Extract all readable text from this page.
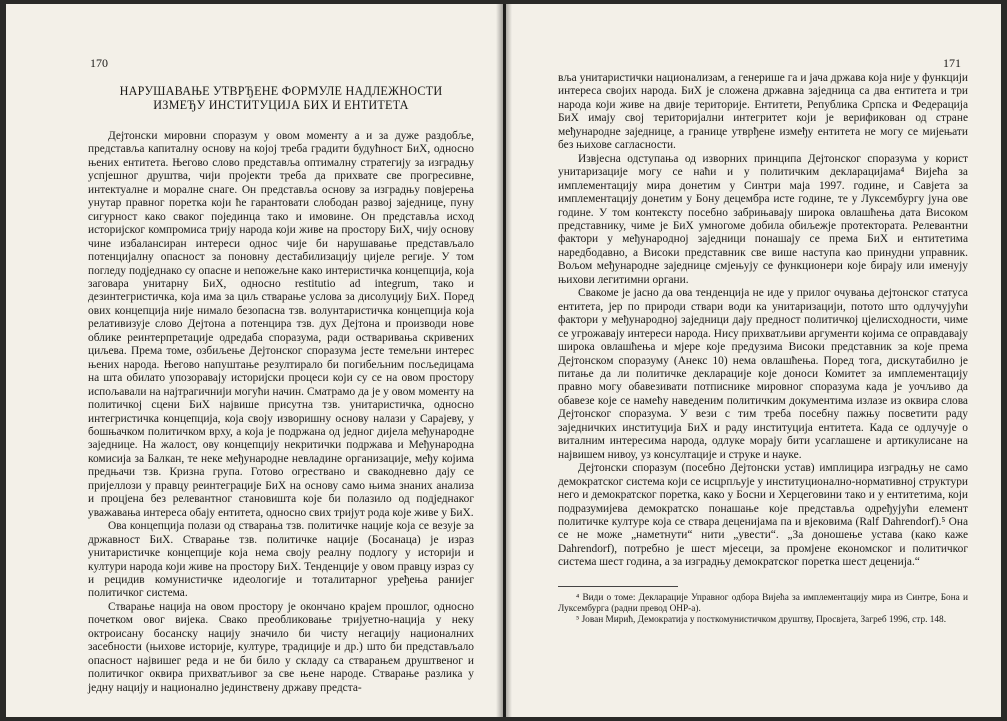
170
НАРУШАВАЊЕ УТВРЂЕНЕ ФОРМУЛЕ НАДЛЕЖНОСТИ
ИЗМЕЂУ ИНСТИТУЦИЈА БИХ И ЕНТИТЕТА

Дејтонски мировни споразум у овом моменту а и за дуже раздобље, представља капиталну основу на којој треба градити будућност БиХ, односно њених ентитета. Његово слово представља оптималну стратегију за изградњу успјешног друштва, чији пројекти треба да прихвате све прогресивне, интектуалне и моралне снаге. Он представља основу за изградњу повјерења унутар правног поретка који ће гарантовати слободан развој заједнице, пуну сигурност како сваког појединца тако и имовине. Он представља исход историјског компромиса трију народа који живе на простору БиХ, чију основу чине избалансиран интереси однос чије би нарушавање представљало потенцијалну опасност за поновну дестабилизацију цијеле регије. У том погледу подједнако су опасне и непожељне како интеристичка концепција, која заговара унитарну БиХ, односно restitutio ad integrum, тако и дезинтегристичка, која има за циљ стварање услова за дисолуцију БиХ. Поред ових концепција није нимало безопасна тзв. волунтаристичка концепција која релативизује слово Дејтона а потенцира тзв. дух Дејтона и производи нове облике реинтерпретације одредаба споразума, ради остваривања скривених циљева. Према томе, озбиљење Дејтонског споразума јесте темељни интерес њених народа. Његово напуштање резултирало би погибељним посљедицама на шта обилато упозоравају историјски процеси који су се на овом простору испољавали на најтрагичнији могући начин. Сматрамо да је у овом моменту на политичкој сцени БиХ највише присутна тзв. унитаристичка, односно интегристичка концепција, која своју изворишну основу налази у Сарајеву, у бошњачком политичком врху, а која је подржана од једног дијела међународне заједнице. На жалост, ову концепцију некритички подржава и Међународна комисија за Балкан, те неке међународне невладине организације, међу којима предњачи тзв. Кризна група. Готово огрествано и свакодневно дају се пријеллози у правцу реинтеграције БиХ на основу само њима знаних анализа и процјена без релевантног становишта које би полазило од подједнаког уважавања интереса обају ентитета, односно свих тријут рода које живе у БиХ.

Ова концепција полази од стварања тзв. политичке нације која се везује за државност БиХ. Стварање тзв. политичке нације (Босанаца) је израз унитаристичке концепције која нема своју реалну подлогу у историји и култури народа који живе на простору БиХ. Тенденције у овом правцу израз су и рецидив комунистичке идеологије и тоталитарног уређења ранијег политичког система.

Стварање нација на овом простору је окончано крајем прошлог, односно почетком овог вијека. Свако преобликовање тријуетно-нација у неку октроисану босанску нацију значило би чисту негацију националних засебности (њихове историје, културе, традиције и др.) што би представљало опасност највишег реда и не би било у складу са стварањем друштвеног и политичког оквира прихватљивог за све њене народе. Стварање разлика у једну нацију и национално јединствену државу предста-

171

вља унитаристички национализам, а генерише га и јача држава која није у функцији интереса својих народа. БиХ је сложена државна заједница са два ентитета и три народа који живе на двије територије. Ентитети, Република Српска и Федерација БиХ имају свој територијални интегритет који је верификован од стране међународне заједнице, а границе утврђене између ентитета не могу се мијењати без њихове сагласности.

Извјесна одступања од изворних принципа Дејтонског споразума у корист унитаризације могу се наћи и у политичким декларацијама⁴ Вијећа за имплементацију мира донетим у Синтри маја 1997. године, и Савјета за имплементацију донетим у Бону децембра исте године, те у Луксембургу јуна ове године. У том контексту посебно забрињавају широка овлашћења дата Високом представнику, чиме је БиХ умногоме добила обиљежје протектората. Релевантни фактори у међународној заједници понашају се према БиХ и ентитетима наредбодавно, а Високи представник све више наступа као принудни управник. Вољом међународне заједнице смјењују се функционери које бирају или именују њихови легитимни органи.

Свакоме је јасно да ова тенденција не иде у прилог очувања дејтонског статуса ентитета, јер по природи ствари води ка унитаризацији, потото што одлучујући фактори у међународној заједници дају предност политичкој цјелисходности, чиме се угрожавају интереси народа. Нису прихватљиви аргументи којима се оправдавају широка овлашћења и мјере које предузима Високи представник за које према Дејтонском споразуму (Анекс 10) нема овлашћења. Поред тога, дискутабилно је питање да ли политичке декларације које доноси Комитет за имплементацију правно могу обавезивати потписнике мировног споразума када је уочљиво да обавезе које се намећу наведеним политичким документима излазе из оквира слова Дејтонског споразума. У вези с тим треба посебну пажњу посветити раду заједничких институција БиХ и раду институција ентитета. Када се одлучује о виталним интересима народа, одлуке морају бити усаглашене и артикулисане на највишем нивоу, уз консултације и струке и науке.

Дејтонски споразум (посебно Дејтонски устав) имплицира изградњу не само демократског система који се исцрпљује у институционално-нормативној структури него и демократског поретка, како у Босни и Херцеговини тако и у ентитетима, који подразумијева демократско понашање које представља одређујући елемент политичке културе која се ствара деценијама па и вјековима (Ralf Dahrendorf).⁵ Она се не може „наметнути“ нити „увести“. „За доношење устава (како каже Dahrendorf), потребно је шест мјесеци, за промјене економског и политичког система шест година, а за изградњу демократског поретка шест деценија.“

⁴ Види о томе: Декларације Управног одбора Вијећа за имплементацију мира из Синтре, Бона и Луксембурга (радни превод ОНР-а).

⁵ Јован Мирић, Демократија у посткомунистичком друштву, Просвјета, Загреб 1996, стр. 148.
